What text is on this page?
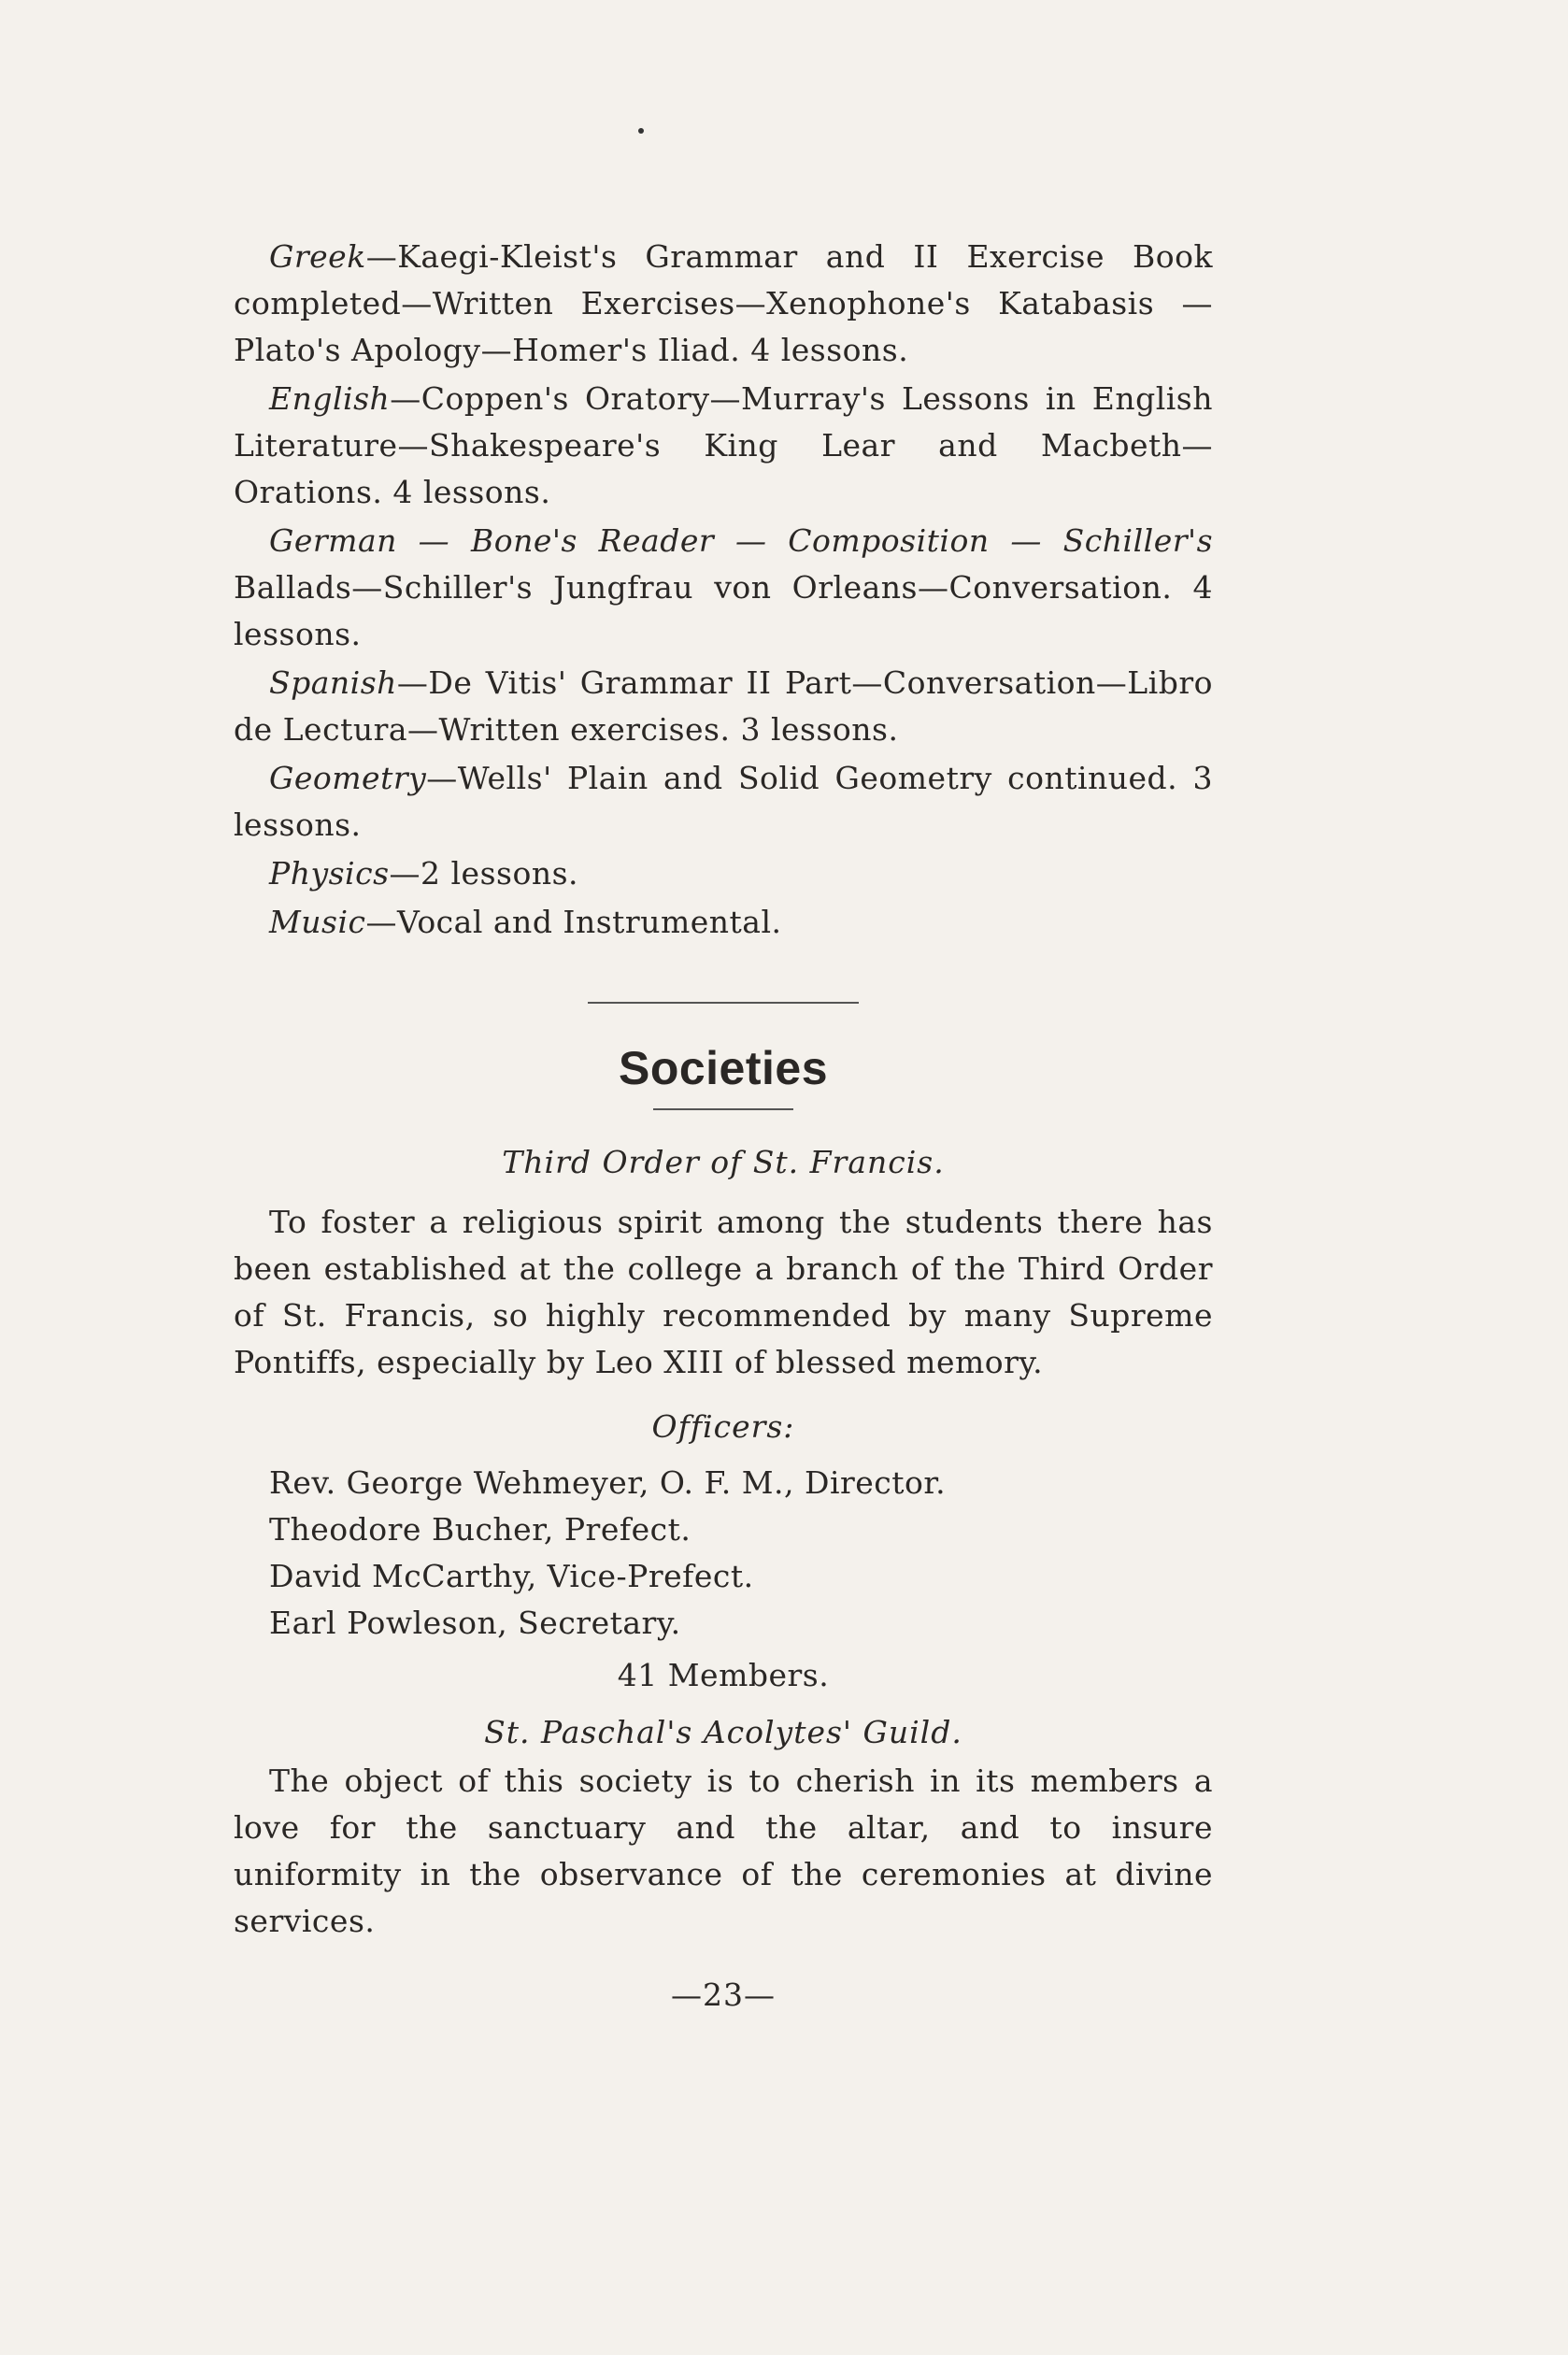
Greek—Kaegi-Kleist's Grammar and II Exercise Book completed—Written Exercises—Xenophone's Katabasis —Plato's Apology—Homer's Iliad. 4 lessons.

English—Coppen's Oratory—Murray's Lessons in English Literature—Shakespeare's King Lear and Macbeth—Orations. 4 lessons.

German — Bone's Reader — Composition — Schiller's Ballads—Schiller's Jungfrau von Orleans—Conversation. 4 lessons.

Spanish—De Vitis' Grammar II Part—Conversation—Libro de Lectura—Written exercises. 3 lessons.

Geometry—Wells' Plain and Solid Geometry continued. 3 lessons.

Physics—2 lessons.

Music—Vocal and Instrumental.

Societies

Third Order of St. Francis.

To foster a religious spirit among the students there has been established at the college a branch of the Third Order of St. Francis, so highly recommended by many Supreme Pontiffs, especially by Leo XIII of blessed memory.

Officers:

Rev. George Wehmeyer, O. F. M., Director.

Theodore Bucher, Prefect.

David McCarthy, Vice-Prefect.

Earl Powleson, Secretary.

41 Members.

St. Paschal's Acolytes' Guild.

The object of this society is to cherish in its members a love for the sanctuary and the altar, and to insure uniformity in the observance of the ceremonies at divine services.

—23—
